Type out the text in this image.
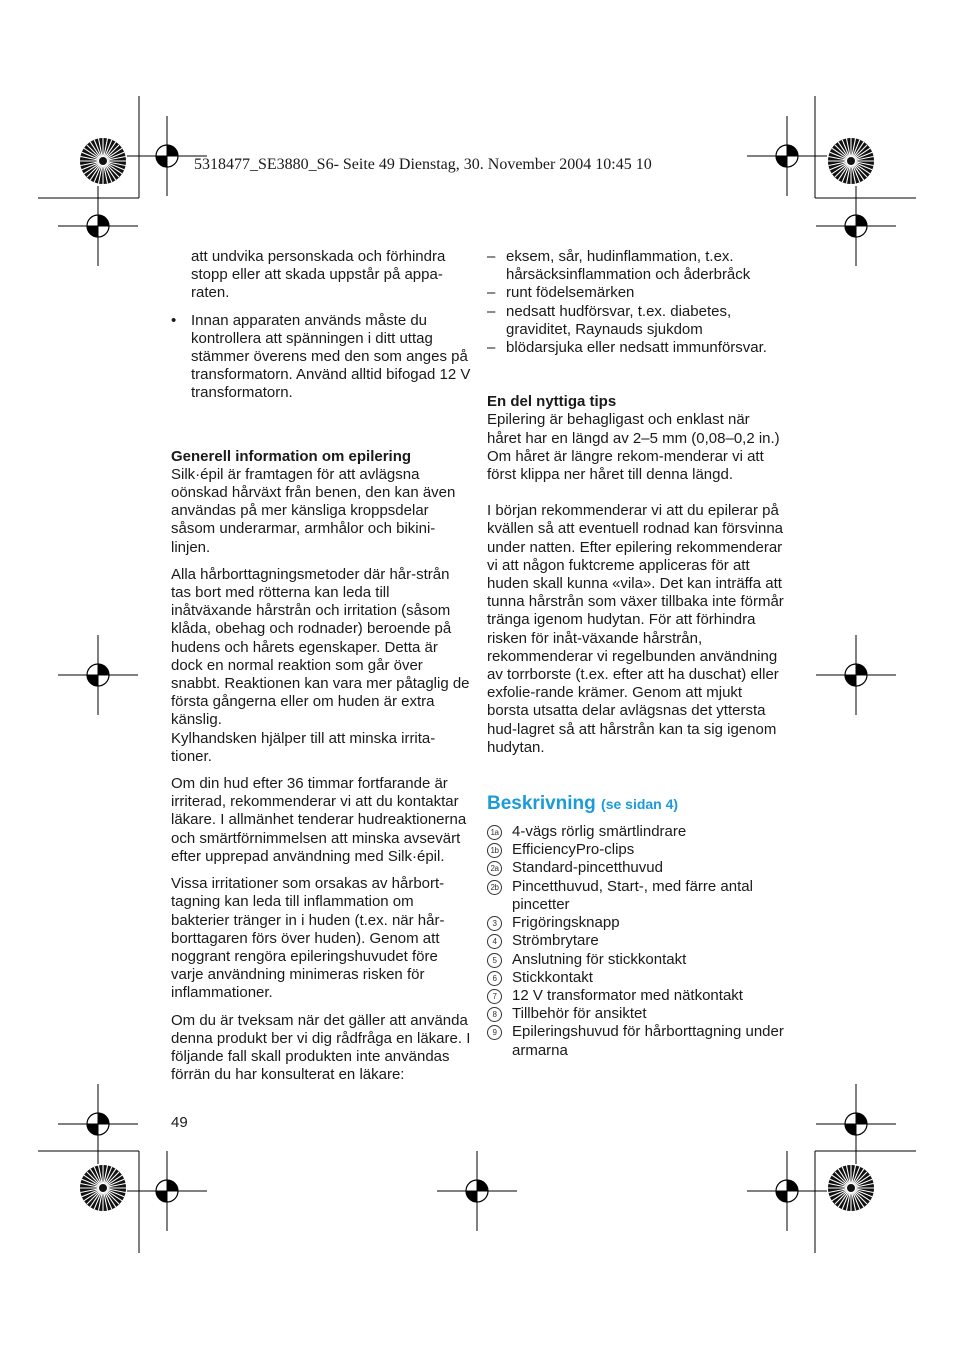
5318477_SE3880_S6- Seite 49 Dienstag, 30. November 2004 10:45 10

att undvika personskada och förhindra stopp eller att skada uppstår på appa-raten.

• Innan apparaten används måste du kontrollera att spänningen i ditt uttag stämmer överens med den som anges på transformatorn. Använd alltid bifogad 12 V transformatorn.
Generell information om epilering

Silk·épil är framtagen för att avlägsna oönskad hårväxt från benen, den kan även användas på mer känsliga kroppsdelar såsom underarmar, armhålor och bikini-linjen.

Alla hårborttagningsmetoder där hår-strån tas bort med rötterna kan leda till inåtväxande hårstrån och irritation (såsom klåda, obehag och rodnader) beroende på hudens och hårets egenskaper. Detta är dock en normal reaktion som går över snabbt. Reaktionen kan vara mer påtaglig de första gångerna eller om huden är extra känslig.
Kylhandsken hjälper till att minska irrita-tioner.

Om din hud efter 36 timmar fortfarande är irriterad, rekommenderar vi att du kontaktar läkare. I allmänhet tenderar hudreaktionerna och smärtförnimmelsen att minska avsevärt efter upprepad användning med Silk·épil.

Vissa irritationer som orsakas av hårbort-tagning kan leda till inflammation om bakterier tränger in i huden (t.ex. när hår-borttagaren förs över huden). Genom att noggrant rengöra epileringshuvudet före varje användning minimeras risken för inflammationer.

Om du är tveksam när det gäller att använda denna produkt ber vi dig rådfråga en läkare. I följande fall skall produkten inte användas förrän du har konsulterat en läkare:

49
– eksem, sår, hudinflammation, t.ex. hårsäcksinflammation och åderbråck
– runt födelsemärken
– nedsatt hudförsvar, t.ex. diabetes, graviditet, Raynauds sjukdom
– blödarsjuka eller nedsatt immunförsvar.
En del nyttiga tips

Epilering är behagligast och enklast när håret har en längd av 2–5 mm (0,08–0,2 in.) Om håret är längre rekom-menderar vi att först klippa ner håret till denna längd.

I början rekommenderar vi att du epilerar på kvällen så att eventuell rodnad kan försvinna under natten. Efter epilering rekommenderar vi att någon fuktcreme appliceras för att huden skall kunna «vila». Det kan inträffa att tunna hårstrån som växer tillbaka inte förmår tränga igenom hudytan. För att förhindra risken för inåt-växande hårstrån, rekommenderar vi regelbunden användning av torrborste (t.ex. efter att ha duschat) eller exfolie-rande krämer. Genom att mjukt borsta utsatta delar avlägsnas det yttersta hud-lagret så att hårstrån kan ta sig igenom hudytan.

Beskrivning (se sidan 4)
1a 4-vägs rörlig smärtlindrare
1b EfficiencyPro-clips
2a Standard-pincetthuvud
2b Pincetthuvud, Start-, med färre antal pincetter
3	Frigöringsknapp
4	Strömbrytare
5	Anslutning för stickkontakt
6	Stickkontakt
7	12 V transformator med nätkontakt
8	Tillbehör för ansiktet
9	Epileringshuvud för hårborttagning under armarna
